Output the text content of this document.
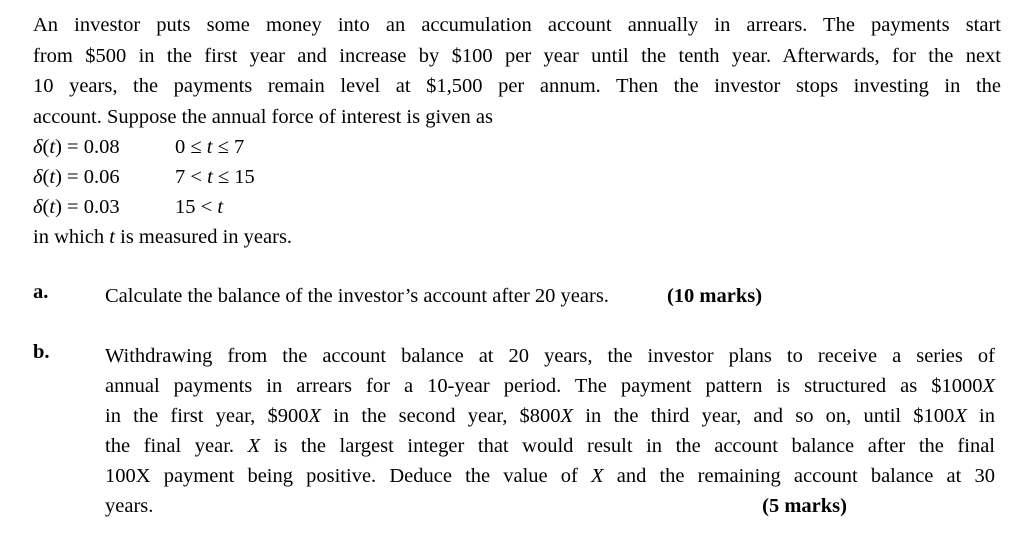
An investor puts some money into an accumulation account annually in arrears. The payments start
from $500 in the first year and increase by $100 per year until the tenth year. Afterwards, for the next
10 years, the payments remain level at $1,500 per annum. Then the investor stops investing in the
account. Suppose the annual force of interest is given as
δ(t) = 0.08	0 ≤ t ≤ 7
δ(t) = 0.06	7 < t ≤ 15
δ(t) = 0.03	15 < t

in which t is measured in years.

a.	Calculate the balance of the investor’s account after 20 years.	(10 marks)
b.	Withdrawing from the account balance at 20 years, the investor plans to receive a series of
annual payments in arrears for a 10-year period. The payment pattern is structured as $1000X
in the first year, $900X in the second year, $800X in the third year, and so on, until $100X in
the final year. X is the largest integer that would result in the account balance after the final
100X payment being positive. Deduce the value of X and the remaining account balance at 30
years.	(5 marks)
